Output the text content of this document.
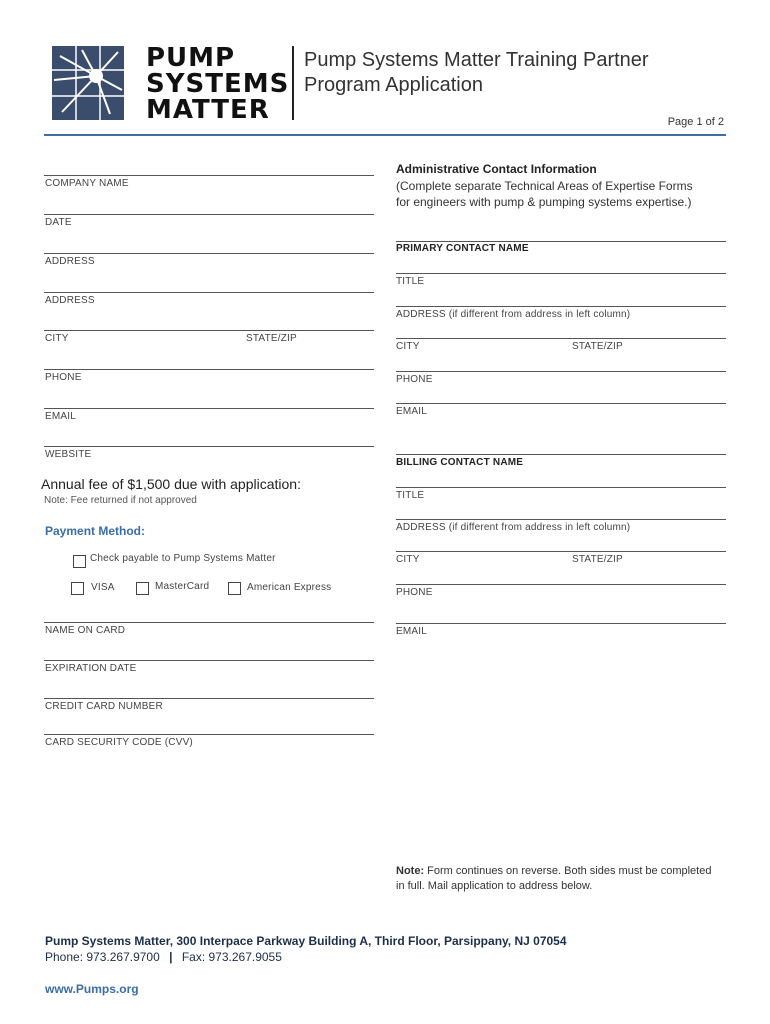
PUMP
SYSTEMS
MATTER
Pump Systems Matter Training Partner
Program Application
Page 1 of 2
COMPANY NAME
DATE
ADDRESS
ADDRESS
CITY	STATE/ZIP
PHONE
EMAIL
WEBSITE
Annual fee of $1,500 due with application:
Note: Fee returned if not approved
Payment Method:
Check payable to Pump Systems Matter
VISA	MasterCard	American Express
NAME ON CARD
EXPIRATION DATE
CREDIT CARD NUMBER
CARD SECURITY CODE (CVV)
Administrative Contact Information
(Complete separate Technical Areas of Expertise Forms
for engineers with pump & pumping systems expertise.)
PRIMARY CONTACT NAME
TITLE
ADDRESS (if different from address in left column)
CITY	STATE/ZIP
PHONE
EMAIL
BILLING CONTACT NAME
TITLE
ADDRESS (if different from address in left column)
CITY	STATE/ZIP
PHONE
EMAIL
Note: Form continues on reverse. Both sides must be completed
in full. Mail application to address below.
Pump Systems Matter, 300 Interpace Parkway Building A, Third Floor, Parsippany, NJ 07054
Phone: 973.267.9700 | Fax: 973.267.9055
www.Pumps.org
